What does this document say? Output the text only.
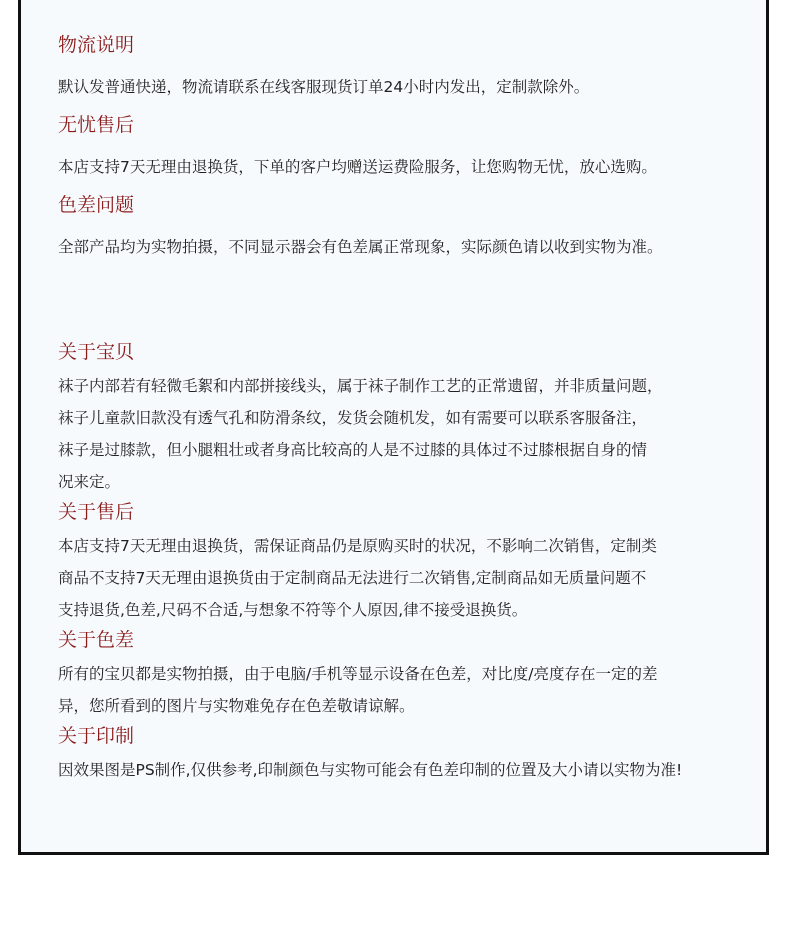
物流说明
默认发普通快递，物流请联系在线客服现货订单24小时内发出，定制款除外。
无忧售后
本店支持7天无理由退换货，下单的客户均赠送运费险服务，让您购物无忧，放心选购。
色差问题
全部产品均为实物拍摄，不同显示器会有色差属正常现象，实际颜色请以收到实物为准。
关于宝贝
袜子内部若有轻微毛絮和内部拼接线头，属于袜子制作工艺的正常遗留，并非质量问题，
袜子儿童款旧款没有透气孔和防滑条纹，发货会随机发，如有需要可以联系客服备注，
袜子是过膝款，但小腿粗壮或者身高比较高的人是不过膝的具体过不过膝根据自身的情
况来定。
关于售后
本店支持7天无理由退换货，需保证商品仍是原购买时的状况，不影响二次销售，定制类
商品不支持7天无理由退换货由于定制商品无法进行二次销售,定制商品如无质量问题不
支持退货,色差,尺码不合适,与想象不符等个人原因,律不接受退换货。
关于色差
所有的宝贝都是实物拍摄，由于电脑/手机等显示设备在色差，对比度/亮度存在一定的差
异，您所看到的图片与实物难免存在色差敬请谅解。
关于印制
因效果图是PS制作,仅供参考,印制颜色与实物可能会有色差印制的位置及大小请以实物为准!
